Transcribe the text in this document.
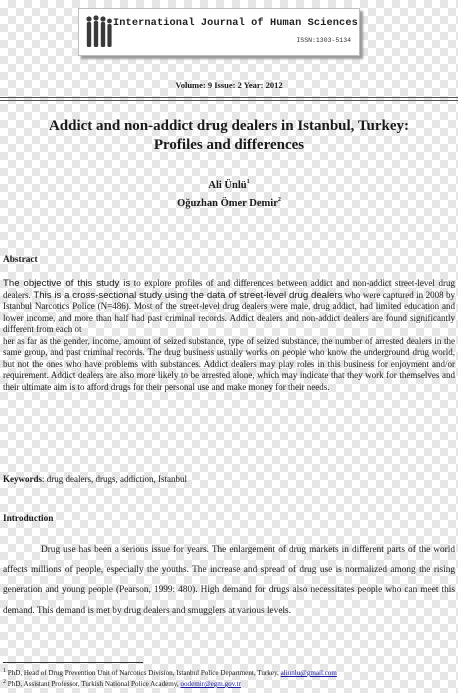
International Journal of Human Sciences
ISSN:1303-5134
Volume: 9 Issue: 2 Year: 2012
Addict and non-addict drug dealers in Istanbul, Turkey:
Profiles and differences
Ali Ünlü$^1$
Oğuzhan Ömer Demir$^2$
Abstract

The objective of this study is to explore profiles of and differences between addict and non-addict street-level drug dealers. This is a cross-sectional study using the data of street-level drug dealers who were captured in 2008 by Istanbul Narcotics Police (N=486). Most of the street-level drug dealers were male, drug addict, had limited education and lower income, and more than half had past criminal records. Addict dealers and non-addict dealers are found significantly different from each ot

her as far as the gender, income, amount of seized substance, type of seized substance, the number of arrested dealers in the same group, and past criminal records. The drug business usually works on people who know the underground drug world, but not the ones who have problems with substances. Addict dealers may play roles in this business for enjoyment and/or requirement. Addict dealers are also more likely to be arrested alone, which may indicate that they work for themselves and their ultimate aim is to afford drugs for their personal use and make money for their needs.

Keywords: drug dealers, drugs, addiction, Istanbul
Introduction

Drug use has been a serious issue for years. The enlargement of drug markets in different parts of the world affects millions of people, especially the youths. The increase and spread of drug use is normalized among the rising generation and young people (Pearson, 1999: 480). High demand for drugs also necessitates people who can meet this demand. This demand is met by drug dealers and smugglers at various levels.

$^1$ PhD, Head of Drug Prevention Unit of Narcotics Division, Istanbul Police Department, Turkey, aliunlu@gmail.com
$^2$ PhD, Assistant Professor, Turkish National Police Academy, oodemir@egm.gov.tr
